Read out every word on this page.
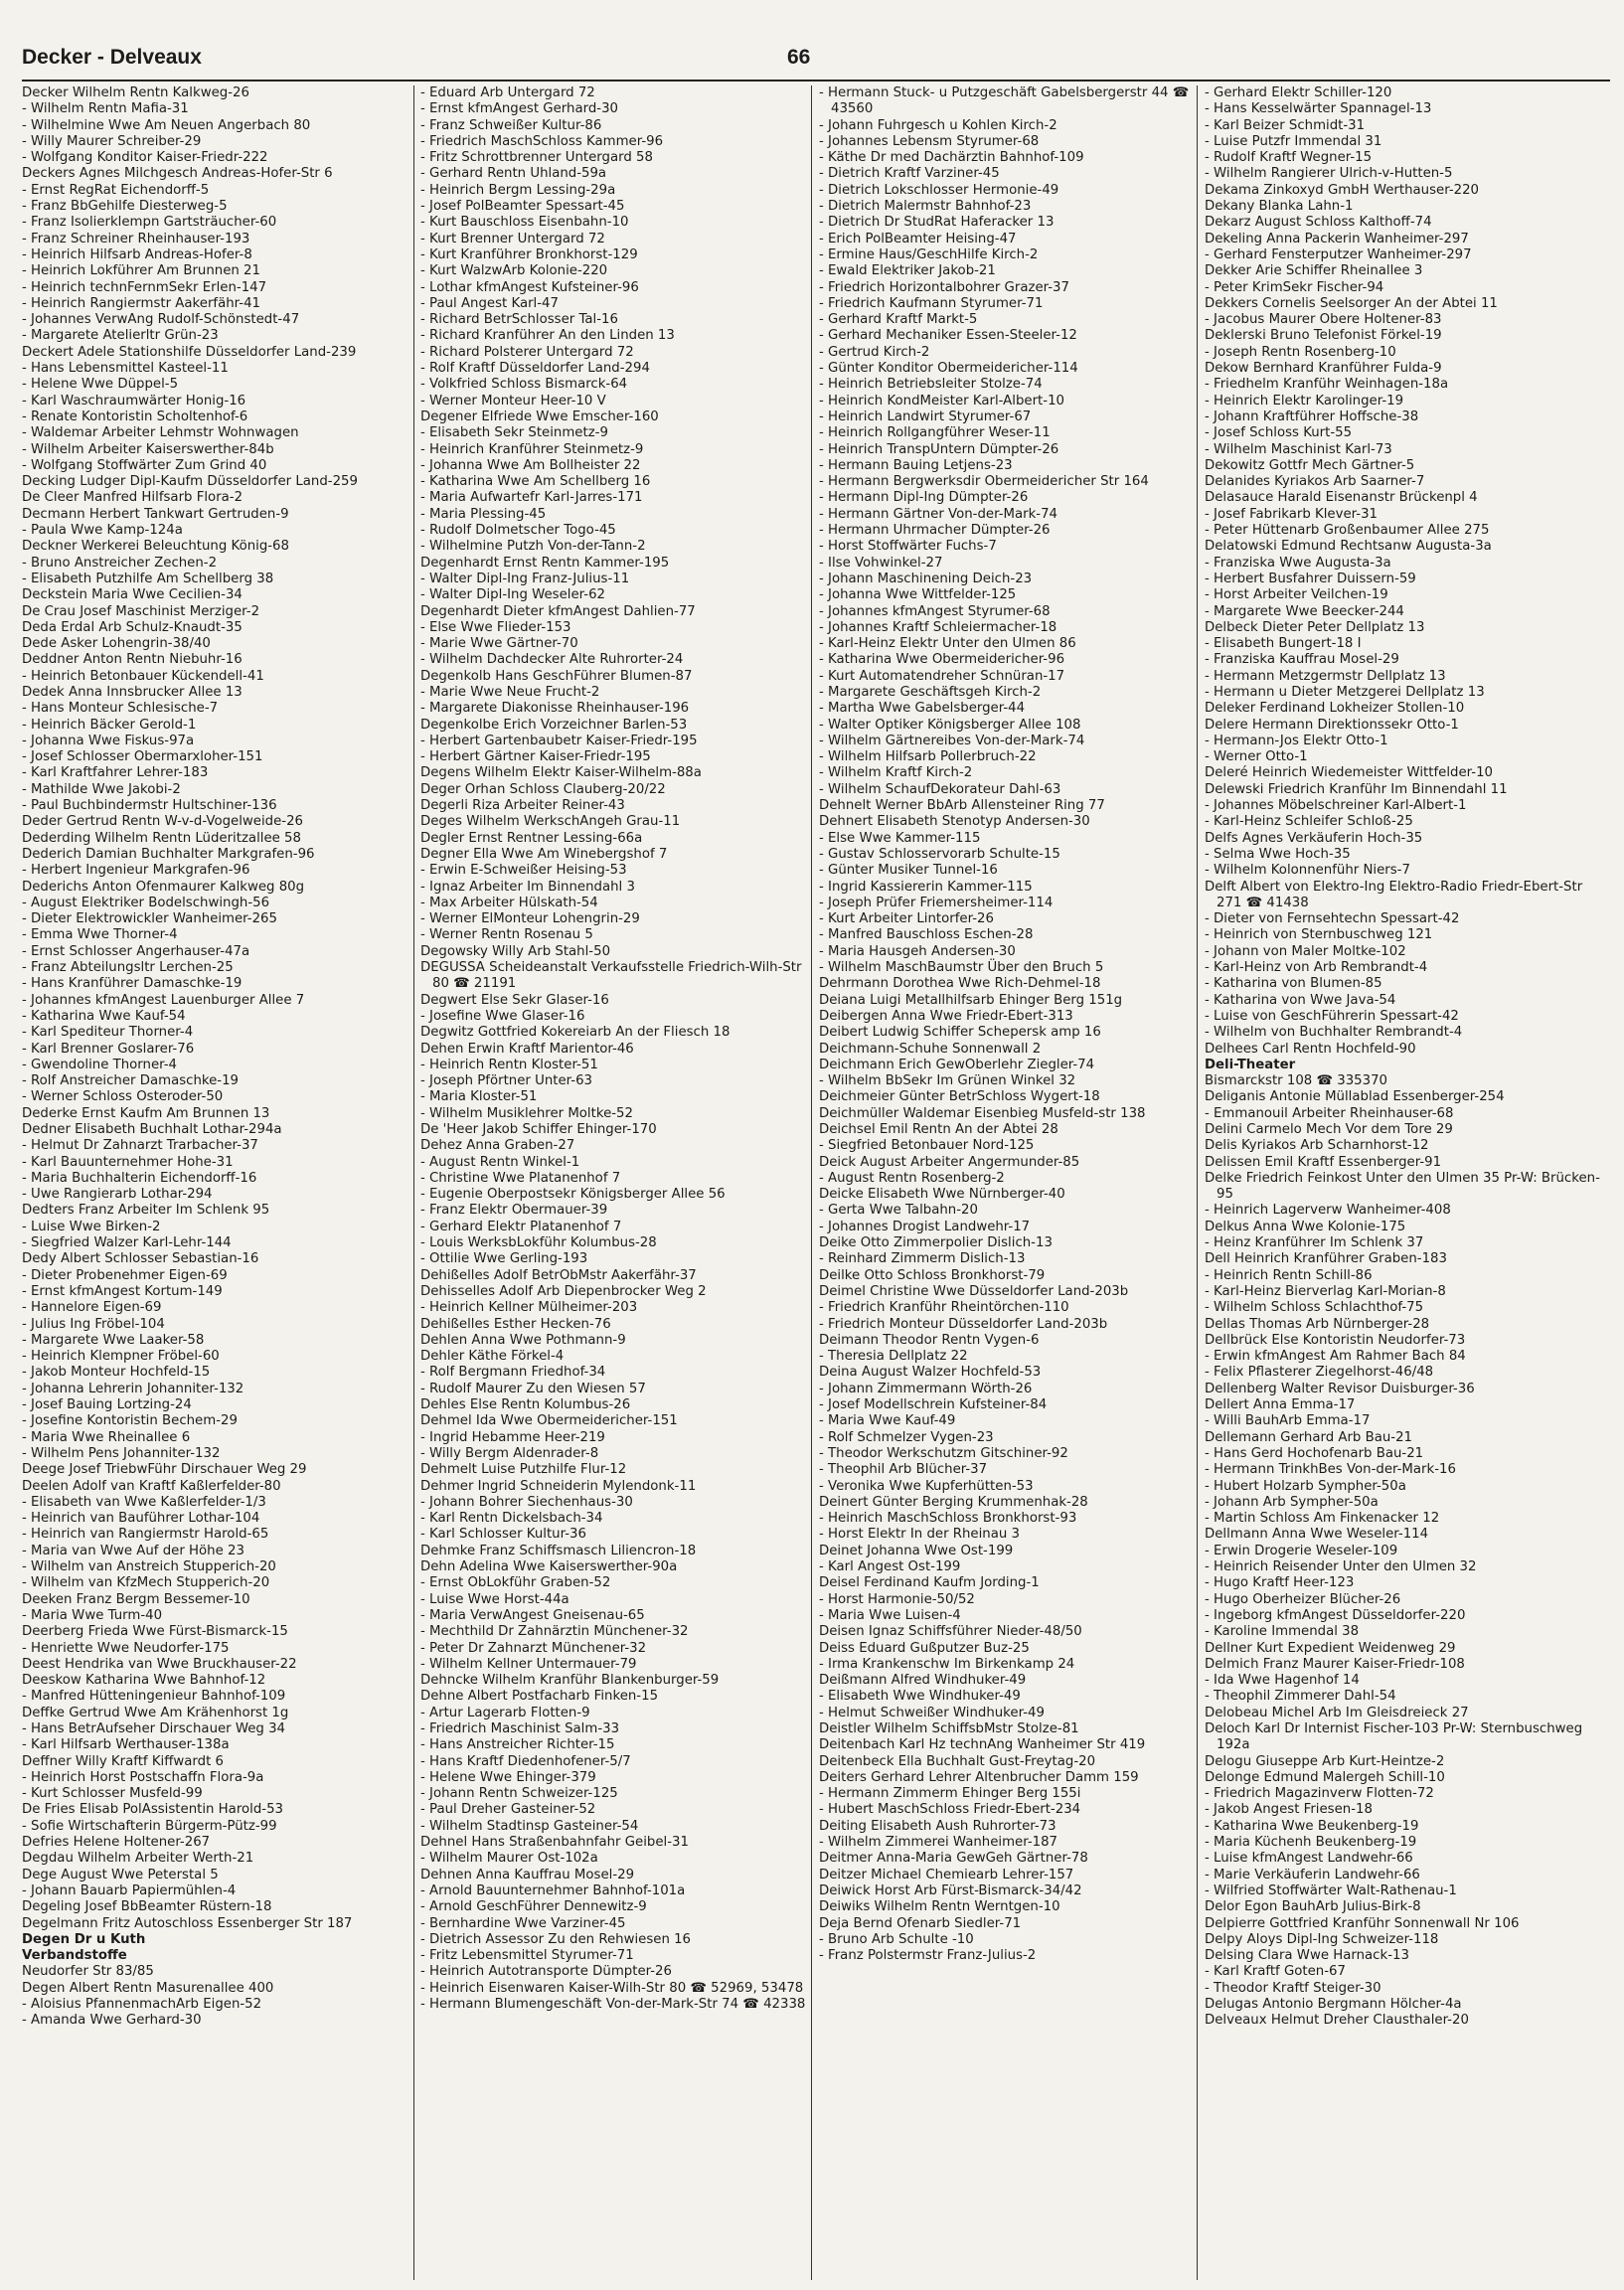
Decker - Delveaux	66
Decker Wilhelm Rentn Kalkweg-26
- Wilhelm Rentn Mafia-31
- Wilhelmine Wwe Am Neuen Angerbach 80
- Willy Maurer Schreiber-29
- Wolfgang Konditor Kaiser-Friedr-222
Deckers Agnes Milchgesch Andreas-Hofer-Str 6
- Ernst RegRat Eichendorff-5
- Franz BbGehilfe Diesterweg-5
- Franz Isolierklempn Gartsträucher-60
- Franz Schreiner Rheinhauser-193
- Heinrich Hilfsarb Andreas-Hofer-8
- Heinrich Lokführer Am Brunnen 21
- Heinrich technFernmSekr Erlen-147
- Heinrich Rangiermstr Aakerfähr-41
- Johannes VerwAng Rudolf-Schönstedt-47
- Margarete Atelierltr Grün-23
Deckert Adele Stationshilfe Düsseldorfer Land-239
- Hans Lebensmittel Kasteel-11
- Helene Wwe Düppel-5
- Karl Waschraumwärter Honig-16
- Renate Kontoristin Scholtenhof-6
- Waldemar Arbeiter Lehmstr Wohnwagen
- Wilhelm Arbeiter Kaiserswerther-84b
- Wolfgang Stoffwärter Zum Grind 40
Decking Ludger Dipl-Kaufm Düsseldorfer Land-259
De Cleer Manfred Hilfsarb Flora-2
Decmann Herbert Tankwart Gertruden-9
- Paula Wwe Kamp-124a
Deckner Werkerei Beleuchtung König-68
- Bruno Anstreicher Zechen-2
- Elisabeth Putzhilfe Am Schellberg 38
Deckstein Maria Wwe Cecilien-34
De Crau Josef Maschinist Merziger-2
Deda Erdal Arb Schulz-Knaudt-35
Dede Asker Lohengrin-38/40
Deddner Anton Rentn Niebuhr-16
- Heinrich Betonbauer Kückendell-41
Dedek Anna Innsbrucker Allee 13
- Hans Monteur Schlesische-7
- Heinrich Bäcker Gerold-1
- Johanna Wwe Fiskus-97a
- Josef Schlosser Obermarxloher-151
- Karl Kraftfahrer Lehrer-183
- Mathilde Wwe Jakobi-2
- Paul Buchbindermstr Hultschiner-136
Deder Gertrud Rentn W-v-d-Vogelweide-26
Dederding Wilhelm Rentn Lüderitzallee 58
Dederich Damian Buchhalter Markgrafen-96
- Herbert Ingenieur Markgrafen-96
Dederichs Anton Ofenmaurer Kalkweg 80g
- August Elektriker Bodelschwingh-56
- Dieter Elektrowickler Wanheimer-265
- Emma Wwe Thorner-4
- Ernst Schlosser Angerhauser-47a
- Franz Abteilungsltr Lerchen-25
- Hans Kranführer Damaschke-19
- Johannes kfmAngest Lauenburger Allee 7
- Katharina Wwe Kauf-54
- Karl Spediteur Thorner-4
- Karl Brenner Goslarer-76
- Gwendoline Thorner-4
- Rolf Anstreicher Damaschke-19
- Werner Schloss Osteroder-50
Dederke Ernst Kaufm Am Brunnen 13
Dedner Elisabeth Buchhalt Lothar-294a
- Helmut Dr Zahnarzt Trarbacher-37
- Karl Bauunternehmer Hohe-31
- Maria Buchhalterin Eichendorff-16
- Uwe Rangierarb Lothar-294
Dedters Franz Arbeiter Im Schlenk 95
- Luise Wwe Birken-2
- Siegfried Walzer Karl-Lehr-144
Dedy Albert Schlosser Sebastian-16
- Dieter Probenehmer Eigen-69
- Ernst kfmAngest Kortum-149
- Hannelore Eigen-69
- Julius Ing Fröbel-104
- Margarete Wwe Laaker-58
- Heinrich Klempner Fröbel-60
- Jakob Monteur Hochfeld-15
- Johanna Lehrerin Johanniter-132
- Josef Bauing Lortzing-24
- Josefine Kontoristin Bechem-29
- Maria Wwe Rheinallee 6
- Wilhelm Pens Johanniter-132
Deege Josef TriebwFühr Dirschauer Weg 29
Deelen Adolf van Kraftf Kaßlerfelder-80
- Elisabeth van Wwe Kaßlerfelder-1/3
- Heinrich van Bauführer Lothar-104
- Heinrich van Rangiermstr Harold-65
- Maria van Wwe Auf der Höhe 23
- Wilhelm van Anstreich Stupperich-20
- Wilhelm van KfzMech Stupperich-20
Deeken Franz Bergm Bessemer-10
- Maria Wwe Turm-40
Deerberg Frieda Wwe Fürst-Bismarck-15
- Henriette Wwe Neudorfer-175
Deest Hendrika van Wwe Bruckhauser-22
Deeskow Katharina Wwe Bahnhof-12
- Manfred Hütteningenieur Bahnhof-109
Deffke Gertrud Wwe Am Krähenhorst 1g
- Hans BetrAufseher Dirschauer Weg 34
- Karl Hilfsarb Werthauser-138a
Deffner Willy Kraftf Kiffwardt 6
- Heinrich Horst Postschaffn Flora-9a
- Kurt Schlosser Musfeld-99
De Fries Elisab PolAssistentin Harold-53
- Sofie Wirtschafterin Bürgerm-Pütz-99
Defries Helene Holtener-267
Degdau Wilhelm Arbeiter Werth-21
Dege August Wwe Peterstal 5
- Johann Bauarb Papiermühlen-4
Degeling Josef BbBeamter Rüstern-18
Degelmann Fritz Autoschloss Essenberger Str 187
Degen Dr u Kuth
Verbandstoffe
Neudorfer Str 83/85
Degen Albert Rentn Masurenallee 400
- Aloisius PfannenmachArb Eigen-52
- Amanda Wwe Gerhard-30
- Eduard Arb Untergard 72
- Ernst kfmAngest Gerhard-30
- Franz Schweißer Kultur-86
- Friedrich MaschSchloss Kammer-96
- Fritz Schrottbrenner Untergard 58
- Gerhard Rentn Uhland-59a
- Heinrich Bergm Lessing-29a
- Josef PolBeamter Spessart-45
- Kurt Bauschloss Eisenbahn-10
- Kurt Brenner Untergard 72
- Kurt Kranführer Bronkhorst-129
- Kurt WalzwArb Kolonie-220
- Lothar kfmAngest Kufsteiner-96
- Paul Angest Karl-47
- Richard BetrSchlosser Tal-16
- Richard Kranführer An den Linden 13
- Richard Polsterer Untergard 72
- Rolf Kraftf Düsseldorfer Land-294
- Volkfried Schloss Bismarck-64
- Werner Monteur Heer-10 V
Degener Elfriede Wwe Emscher-160
- Elisabeth Sekr Steinmetz-9
- Heinrich Kranführer Steinmetz-9
- Johanna Wwe Am Bollheister 22
- Katharina Wwe Am Schellberg 16
- Maria Aufwartefr Karl-Jarres-171
- Maria Plessing-45
- Rudolf Dolmetscher Togo-45
- Wilhelmine Putzh Von-der-Tann-2
Degenhardt Ernst Rentn Kammer-195
- Walter Dipl-Ing Franz-Julius-11
- Walter Dipl-Ing Weseler-62
Degenhardt Dieter kfmAngest Dahlien-77
- Else Wwe Flieder-153
- Marie Wwe Gärtner-70
- Wilhelm Dachdecker Alte Ruhrorter-24
Degenkolb Hans GeschFührer Blumen-87
- Marie Wwe Neue Frucht-2
- Margarete Diakonisse Rheinhauser-196
Degenkolbe Erich Vorzeichner Barlen-53
- Herbert Gartenbaubetr Kaiser-Friedr-195
- Herbert Gärtner Kaiser-Friedr-195
Degens Wilhelm Elektr Kaiser-Wilhelm-88a
Deger Orhan Schloss Clauberg-20/22
Degerli Riza Arbeiter Reiner-43
Deges Wilhelm WerkschAngeh Grau-11
Degler Ernst Rentner Lessing-66a
Degner Ella Wwe Am Winebergshof 7
- Erwin E-Schweißer Heising-53
- Ignaz Arbeiter Im Binnendahl 3
- Max Arbeiter Hülskath-54
- Werner ElMonteur Lohengrin-29
- Werner Rentn Rosenau 5
Degowsky Willy Arb Stahl-50
DEGUSSA Scheideanstalt Verkaufsstelle Friedrich-Wilh-Str 80 ☎ 21191
Degwert Else Sekr Glaser-16
- Josefine Wwe Glaser-16
Degwitz Gottfried Kokereiarb An der Fliesch 18
Dehen Erwin Kraftf Marientor-46
- Heinrich Rentn Kloster-51
- Joseph Pförtner Unter-63
- Maria Kloster-51
- Wilhelm Musiklehrer Moltke-52
De 'Heer Jakob Schiffer Ehinger-170
Dehez Anna Graben-27
- August Rentn Winkel-1
- Christine Wwe Platanenhof 7
- Eugenie Oberpostsekr Königsberger Allee 56
- Franz Elektr Obermauer-39
- Gerhard Elektr Platanenhof 7
- Louis WerksbLokführ Kolumbus-28
- Ottilie Wwe Gerling-193
Dehißelles Adolf BetrObMstr Aakerfähr-37
Dehisselles Adolf Arb Diepenbrocker Weg 2
- Heinrich Kellner Mülheimer-203
Dehißelles Esther Hecken-76
Dehlen Anna Wwe Pothmann-9
Dehler Käthe Förkel-4
- Rolf Bergmann Friedhof-34
- Rudolf Maurer Zu den Wiesen 57
Dehles Else Rentn Kolumbus-26
Dehmel Ida Wwe Obermeidericher-151
- Ingrid Hebamme Heer-219
- Willy Bergm Aldenrader-8
Dehmelt Luise Putzhilfe Flur-12
Dehmer Ingrid Schneiderin Mylendonk-11
- Johann Bohrer Siechenhaus-30
- Karl Rentn Dickelsbach-34
- Karl Schlosser Kultur-36
Dehmke Franz Schiffsmasch Liliencron-18
Dehn Adelina Wwe Kaiserswerther-90a
- Ernst ObLokführ Graben-52
- Luise Wwe Horst-44a
- Maria VerwAngest Gneisenau-65
- Mechthild Dr Zahnärztin Münchener-32
- Peter Dr Zahnarzt Münchener-32
- Wilhelm Kellner Untermauer-79
Dehncke Wilhelm Kranführ Blankenburger-59
Dehne Albert Postfacharb Finken-15
- Artur Lagerarb Flotten-9
- Friedrich Maschinist Salm-33
- Hans Anstreicher Richter-15
- Hans Kraftf Diedenhofener-5/7
- Helene Wwe Ehinger-379
- Johann Rentn Schweizer-125
- Paul Dreher Gasteiner-52
- Wilhelm Stadtinsp Gasteiner-54
Dehnel Hans Straßenbahnfahr Geibel-31
- Wilhelm Maurer Ost-102a
Dehnen Anna Kauffrau Mosel-29
- Arnold Bauunternehmer Bahnhof-101a
- Arnold GeschFührer Dennewitz-9
- Bernhardine Wwe Varziner-45
- Dietrich Assessor Zu den Rehwiesen 16
- Fritz Lebensmittel Styrumer-71
- Heinrich Autotransporte Dümpter-26
- Heinrich Eisenwaren Kaiser-Wilh-Str 80 ☎ 52969, 53478
- Hermann Blumengeschäft Von-der-Mark-Str 74 ☎ 42338
- Hermann Stuck- u Putzgeschäft Gabelsbergerstr 44 ☎ 43560
- Johann Fuhrgesch u Kohlen Kirch-2
- Johannes Lebensm Styrumer-68
- Käthe Dr med Dachärztin Bahnhof-109
- Dietrich Kraftf Varziner-45
- Dietrich Lokschlosser Hermonie-49
- Dietrich Malermstr Bahnhof-23
- Dietrich Dr StudRat Haferacker 13
- Erich PolBeamter Heising-47
- Ermine Haus/GeschHilfe Kirch-2
- Ewald Elektriker Jakob-21
- Friedrich Horizontalbohrer Grazer-37
- Friedrich Kaufmann Styrumer-71
- Gerhard Kraftf Markt-5
- Gerhard Mechaniker Essen-Steeler-12
- Gertrud Kirch-2
- Günter Konditor Obermeidericher-114
- Heinrich Betriebsleiter Stolze-74
- Heinrich KondMeister Karl-Albert-10
- Heinrich Landwirt Styrumer-67
- Heinrich Rollgangführer Weser-11
- Heinrich TranspUntern Dümpter-26
- Hermann Bauing Letjens-23
- Hermann Bergwerksdir Obermeidericher Str 164
- Hermann Dipl-Ing Dümpter-26
- Hermann Gärtner Von-der-Mark-74
- Hermann Uhrmacher Dümpter-26
- Horst Stoffwärter Fuchs-7
- Ilse Vohwinkel-27
- Johann Maschinening Deich-23
- Johanna Wwe Wittfelder-125
- Johannes kfmAngest Styrumer-68
- Johannes Kraftf Schleiermacher-18
- Karl-Heinz Elektr Unter den Ulmen 86
- Katharina Wwe Obermeidericher-96
- Kurt Automatendreher Schnüran-17
- Margarete Geschäftsgeh Kirch-2
- Martha Wwe Gabelsberger-44
- Walter Optiker Königsberger Allee 108
- Wilhelm Gärtnereibes Von-der-Mark-74
- Wilhelm Hilfsarb Pollerbruch-22
- Wilhelm Kraftf Kirch-2
- Wilhelm SchaufDekorateur Dahl-63
Dehnelt Werner BbArb Allensteiner Ring 77
Dehnert Elisabeth Stenotyp Andersen-30
- Else Wwe Kammer-115
- Gustav Schlosservorarb Schulte-15
- Günter Musiker Tunnel-16
- Ingrid Kassiererin Kammer-115
- Joseph Prüfer Friemersheimer-114
- Kurt Arbeiter Lintorfer-26
- Manfred Bauschloss Eschen-28
- Maria Hausgeh Andersen-30
- Wilhelm MaschBaumstr Über den Bruch 5
Dehrmann Dorothea Wwe Rich-Dehmel-18
Deiana Luigi Metallhilfsarb Ehinger Berg 151g
Deibergen Anna Wwe Friedr-Ebert-313
Deibert Ludwig Schiffer Schepersk amp 16
Deichmann-Schuhe Sonnenwall 2
Deichmann Erich GewOberlehr Ziegler-74
- Wilhelm BbSekr Im Grünen Winkel 32
Deichmeier Günter BetrSchloss Wygert-18
Deichmüller Waldemar Eisenbieg Musfeld-str 138
Deichsel Emil Rentn An der Abtei 28
- Siegfried Betonbauer Nord-125
Deick August Arbeiter Angermunder-85
- August Rentn Rosenberg-2
Deicke Elisabeth Wwe Nürnberger-40
- Gerta Wwe Talbahn-20
- Johannes Drogist Landwehr-17
Deike Otto Zimmerpolier Dislich-13
- Reinhard Zimmerm Dislich-13
Deilke Otto Schloss Bronkhorst-79
Deimel Christine Wwe Düsseldorfer Land-203b
- Friedrich Kranführ Rheintörchen-110
- Friedrich Monteur Düsseldorfer Land-203b
Deimann Theodor Rentn Vygen-6
- Theresia Dellplatz 22
Deina August Walzer Hochfeld-53
- Johann Zimmermann Wörth-26
- Josef Modellschrein Kufsteiner-84
- Maria Wwe Kauf-49
- Rolf Schmelzer Vygen-23
- Theodor Werkschutzm Gitschiner-92
- Theophil Arb Blücher-37
- Veronika Wwe Kupferhütten-53
Deinert Günter Berging Krummenhak-28
- Heinrich MaschSchloss Bronkhorst-93
- Horst Elektr In der Rheinau 3
Deinet Johanna Wwe Ost-199
- Karl Angest Ost-199
Deisel Ferdinand Kaufm Jording-1
- Horst Harmonie-50/52
- Maria Wwe Luisen-4
Deisen Ignaz Schiffsführer Nieder-48/50
Deiss Eduard Gußputzer Buz-25
- Irma Krankenschw Im Birkenkamp 24
Deißmann Alfred Windhuker-49
- Elisabeth Wwe Windhuker-49
- Helmut Schweißer Windhuker-49
Deistler Wilhelm SchiffsbMstr Stolze-81
Deitenbach Karl Hz technAng Wanheimer Str 419
Deitenbeck Ella Buchhalt Gust-Freytag-20
Deiters Gerhard Lehrer Altenbrucher Damm 159
- Hermann Zimmerm Ehinger Berg 155i
- Hubert MaschSchloss Friedr-Ebert-234
Deiting Elisabeth Aush Ruhrorter-73
- Wilhelm Zimmerei Wanheimer-187
Deitmer Anna-Maria GewGeh Gärtner-78
Deitzer Michael Chemiearb Lehrer-157
Deiwick Horst Arb Fürst-Bismarck-34/42
Deiwiks Wilhelm Rentn Werntgen-10
Deja Bernd Ofenarb Siedler-71
- Bruno Arb Schulte -10
- Franz Polstermstr Franz-Julius-2
- Gerhard Elektr Schiller-120
- Hans Kesselwärter Spannagel-13
- Karl Beizer Schmidt-31
- Luise Putzfr Immendal 31
- Rudolf Kraftf Wegner-15
- Wilhelm Rangierer Ulrich-v-Hutten-5
Dekama Zinkoxyd GmbH Werthauser-220
Dekany Blanka Lahn-1
Dekarz August Schloss Kalthoff-74
Dekeling Anna Packerin Wanheimer-297
- Gerhard Fensterputzer Wanheimer-297
Dekker Arie Schiffer Rheinallee 3
- Peter KrimSekr Fischer-94
Dekkers Cornelis Seelsorger An der Abtei 11
- Jacobus Maurer Obere Holtener-83
Deklerski Bruno Telefonist Förkel-19
- Joseph Rentn Rosenberg-10
Dekow Bernhard Kranführer Fulda-9
- Friedhelm Kranführ Weinhagen-18a
- Heinrich Elektr Karolinger-19
- Johann Kraftführer Hoffsche-38
- Josef Schloss Kurt-55
- Wilhelm Maschinist Karl-73
Dekowitz Gottfr Mech Gärtner-5
Delanides Kyriakos Arb Saarner-7
Delasauce Harald Eisenanstr Brückenpl 4
- Josef Fabrikarb Klever-31
- Peter Hüttenarb Großenbaumer Allee 275
Delatowski Edmund Rechtsanw Augusta-3a
- Franziska Wwe Augusta-3a
- Herbert Busfahrer Duissern-59
- Horst Arbeiter Veilchen-19
- Margarete Wwe Beecker-244
Delbeck Dieter Peter Dellplatz 13
- Elisabeth Bungert-18 I
- Franziska Kauffrau Mosel-29
- Hermann Metzgermstr Dellplatz 13
- Hermann u Dieter Metzgerei Dellplatz 13
Deleker Ferdinand Lokheizer Stollen-10
Delere Hermann Direktionssekr Otto-1
- Hermann-Jos Elektr Otto-1
- Werner Otto-1
Deleré Heinrich Wiedemeister Wittfelder-10
Delewski Friedrich Kranführ Im Binnendahl 11
- Johannes Möbelschreiner Karl-Albert-1
- Karl-Heinz Schleifer Schloß-25
Delfs Agnes Verkäuferin Hoch-35
- Selma Wwe Hoch-35
- Wilhelm Kolonnenführ Niers-7
Delft Albert von Elektro-Ing Elektro-Radio Friedr-Ebert-Str 271 ☎ 41438
- Dieter von Fernsehtechn Spessart-42
- Heinrich von Sternbuschweg 121
- Johann von Maler Moltke-102
- Karl-Heinz von Arb Rembrandt-4
- Katharina von Blumen-85
- Katharina von Wwe Java-54
- Luise von GeschFührerin Spessart-42
- Wilhelm von Buchhalter Rembrandt-4
Delhees Carl Rentn Hochfeld-90
Deli-Theater
Bismarckstr 108 ☎ 335370
Deliganis Antonie Müllablad Essenberger-254
- Emmanouil Arbeiter Rheinhauser-68
Delini Carmelo Mech Vor dem Tore 29
Delis Kyriakos Arb Scharnhorst-12
Delissen Emil Kraftf Essenberger-91
Delke Friedrich Feinkost Unter den Ulmen 35 Pr-W: Brücken-95
- Heinrich Lagerverw Wanheimer-408
Delkus Anna Wwe Kolonie-175
- Heinz Kranführer Im Schlenk 37
Dell Heinrich Kranführer Graben-183
- Heinrich Rentn Schill-86
- Karl-Heinz Bierverlag Karl-Morian-8
- Wilhelm Schloss Schlachthof-75
Dellas Thomas Arb Nürnberger-28
Dellbrück Else Kontoristin Neudorfer-73
- Erwin kfmAngest Am Rahmer Bach 84
- Felix Pflasterer Ziegelhorst-46/48
Dellenberg Walter Revisor Duisburger-36
Dellert Anna Emma-17
- Willi BauhArb Emma-17
Dellemann Gerhard Arb Bau-21
- Hans Gerd Hochofenarb Bau-21
- Hermann TrinkhBes Von-der-Mark-16
- Hubert Holzarb Sympher-50a
- Johann Arb Sympher-50a
- Martin Schloss Am Finkenacker 12
Dellmann Anna Wwe Weseler-114
- Erwin Drogerie Weseler-109
- Heinrich Reisender Unter den Ulmen 32
- Hugo Kraftf Heer-123
- Hugo Oberheizer Blücher-26
- Ingeborg kfmAngest Düsseldorfer-220
- Karoline Immendal 38
Dellner Kurt Expedient Weidenweg 29
Delmich Franz Maurer Kaiser-Friedr-108
- Ida Wwe Hagenhof 14
- Theophil Zimmerer Dahl-54
Delobeau Michel Arb Im Gleisdreieck 27
Deloch Karl Dr Internist Fischer-103 Pr-W: Sternbuschweg 192a
Delogu Giuseppe Arb Kurt-Heintze-2
Delonge Edmund Malergeh Schill-10
- Friedrich Magazinverw Flotten-72
- Jakob Angest Friesen-18
- Katharina Wwe Beukenberg-19
- Maria Küchenh Beukenberg-19
- Luise kfmAngest Landwehr-66
- Marie Verkäuferin Landwehr-66
- Wilfried Stoffwärter Walt-Rathenau-1
Delor Egon BauhArb Julius-Birk-8
Delpierre Gottfried Kranführ Sonnenwall Nr 106
Delpy Aloys Dipl-Ing Schweizer-118
Delsing Clara Wwe Harnack-13
- Karl Kraftf Goten-67
- Theodor Kraftf Steiger-30
Delugas Antonio Bergmann Hölcher-4a
Delveaux Helmut Dreher Clausthaler-20
